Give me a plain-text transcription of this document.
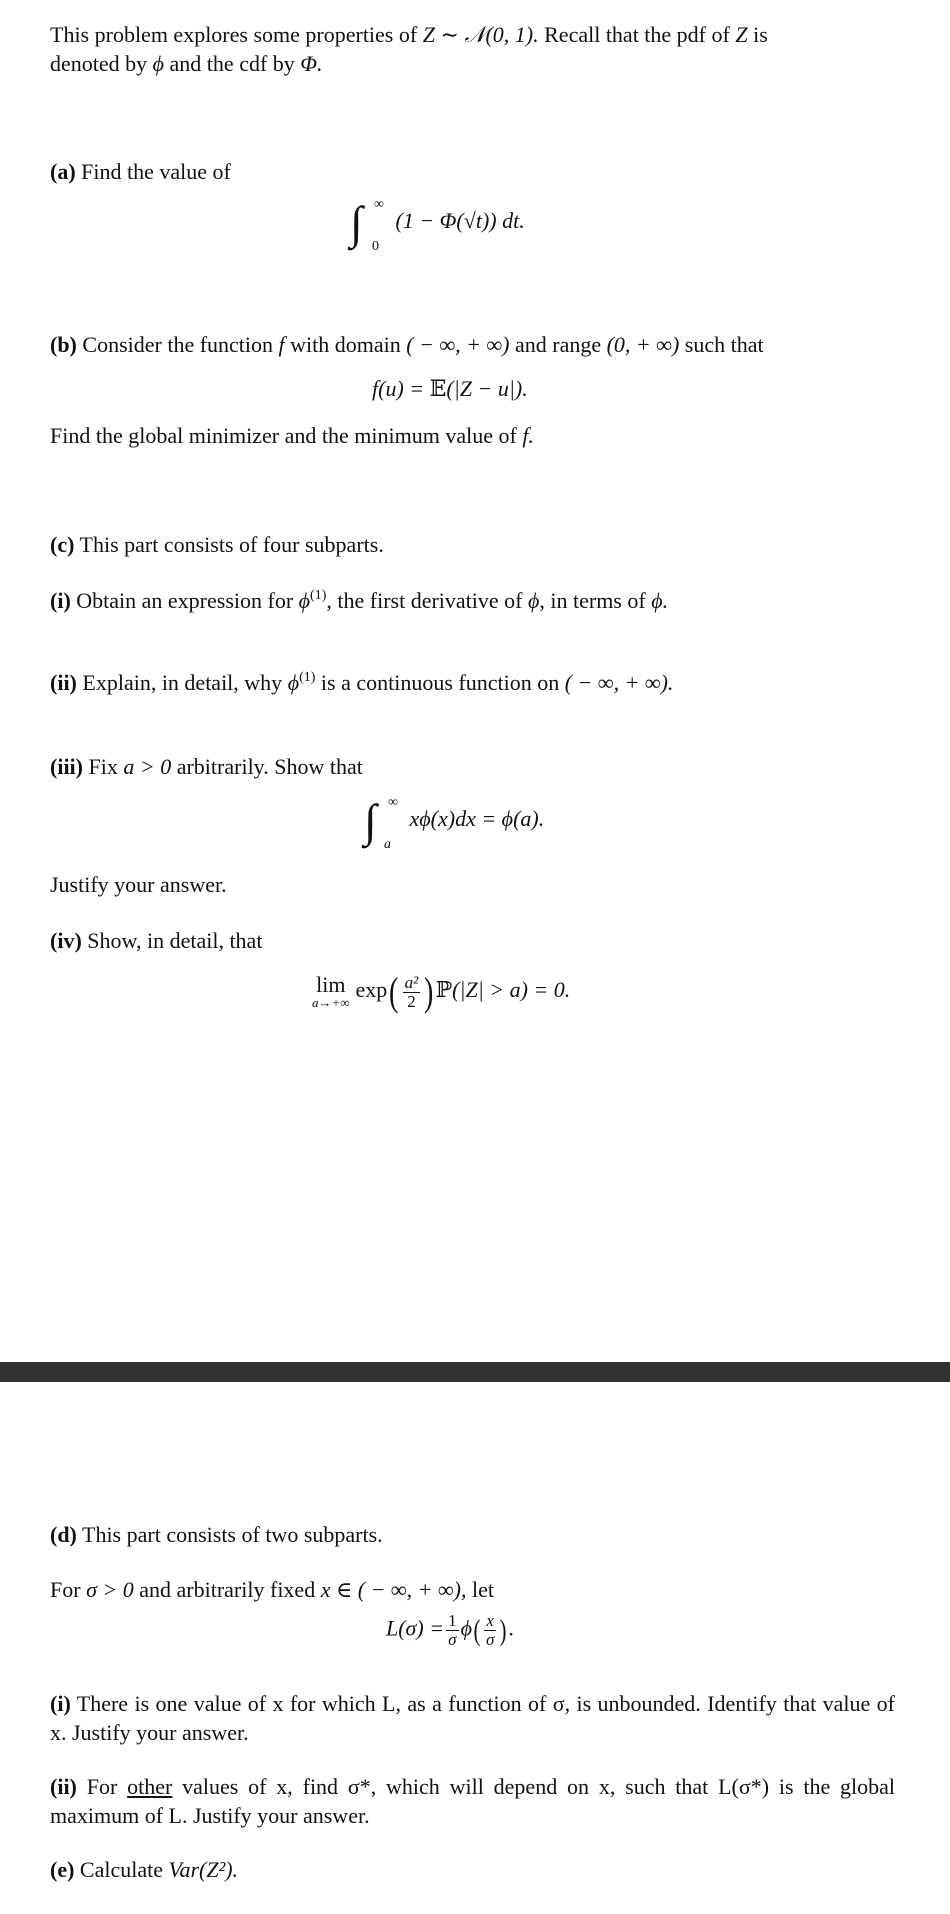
This problem explores some properties of Z ∼ 𝒩(0, 1). Recall that the pdf of Z is
denoted by ϕ and the cdf by Φ.
(a) Find the value of
∫ ∞
0
(1 − Φ(√t)) dt.
(b) Consider the function f with domain ( − ∞, + ∞) and range (0, + ∞) such that
f(u) = 𝔼(|Z − u|).
Find the global minimizer and the minimum value of f.
(c) This part consists of four subparts.
(i) Obtain an expression for $\phi^{(1)}$, the first derivative of ϕ, in terms of ϕ.
(ii) Explain, in detail, why $\phi^{(1)}$ is a continuous function on ( − ∞, + ∞).
(iii) Fix a > 0 arbitrarily. Show that
∫ ∞
a
xϕ(x)dx = ϕ(a).
Justify your answer.
(iv) Show, in detail, that
lim
a→+∞
$\exp( \frac{\text{a²}}{2}$ )ℙ(|Z| > a) = 0.
(d) This part consists of two subparts.
For σ > 0 and arbitrarily fixed x ∈ ( − ∞, + ∞), let
$L(\sigma) = \frac{1}{\sigma} \phi( \frac{x}{\sigma}$ ).
(i) There is one value of x for which L, as a function of σ, is unbounded. Identify that value of x. Justify your answer.
(ii) For other values of x, find σ*, which will depend on x, such that L(σ*) is the global maximum of L. Justify your answer.
(e) Calculate Var(Z²).
